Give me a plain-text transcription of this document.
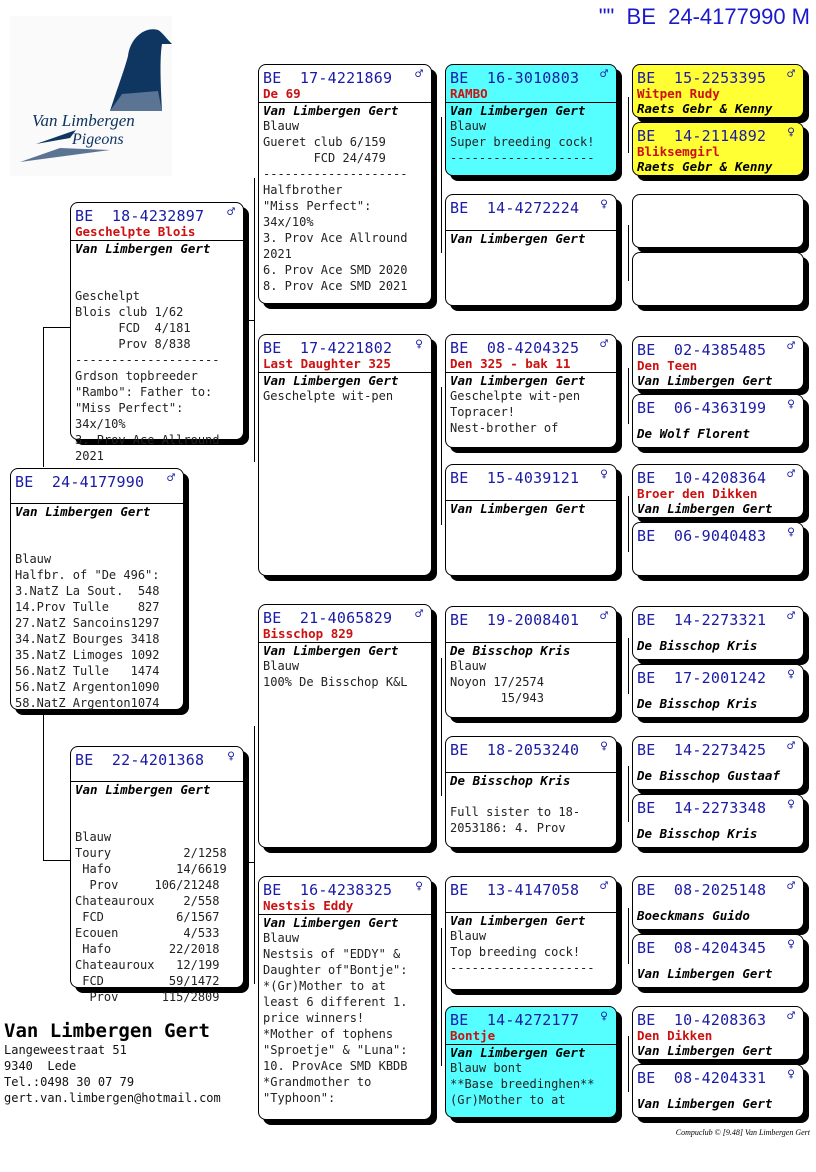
""  BE  24-4177990 M
Van Limbergen
Pigeons
BE  24-4177990 ♂
Van Limbergen Gert

Blauw
Halfbr. of "De 496":
3.NatZ La Sout.  548
14.Prov Tulle    827
27.NatZ Sancoins1297
34.NatZ Bourges 3418
35.NatZ Limoges 1092
56.NatZ Tulle   1474
56.NatZ Argenton1090
58.NatZ Argenton1074

BE  18-4232897 ♂
Geschelpte Blois
Van Limbergen Gert

Geschelpt
Blois club 1/62
FCD  4/181
Prov 8/838
--------------------
Grdson topbreeder
"Rambo": Father to:
"Miss Perfect":
34x/10%
3. Prov Ace Allround
2021

BE  22-4201368 ♀
Van Limbergen Gert

Blauw
Toury          2/1258
Hafo         14/6619
Prov     106/21248
Chateauroux    2/558
FCD          6/1567
Ecouen         4/533
Hafo        22/2018
Chateauroux   12/199
FCD         59/1472
Prov      115/2809

BE  17-4221869 ♂
De 69
Van Limbergen Gert
Blauw
Gueret club 6/159
FCD 24/479
--------------------
Halfbrother
"Miss Perfect":
34x/10%
3. Prov Ace Allround
2021
6. Prov Ace SMD 2020
8. Prov Ace SMD 2021
BE  17-4221802 ♀
Last Daughter 325
Van Limbergen Gert
Geschelpte wit-pen
BE  21-4065829 ♂
Bisschop 829
Van Limbergen Gert
Blauw
100% De Bisschop K&L
BE  16-4238325 ♀
Nestsis Eddy
Van Limbergen Gert
Blauw
Nestsis of "EDDY" &
Daughter of"Bontje":
*(Gr)Mother to at
least 6 different 1.
price winners!
*Mother of tophens
"Sproetje" & "Luna":
10. ProvAce SMD KBDB
*Grandmother to
"Typhoon":
BE  16-3010803 ♂
RAMBO
Van Limbergen Gert
Blauw
Super breeding cock!
--------------------
BE  14-4272224 ♀
Van Limbergen Gert
BE  08-4204325 ♂
Den 325 - bak 11
Van Limbergen Gert
Geschelpte wit-pen
Topracer!
Nest-brother of
BE  15-4039121 ♀
Van Limbergen Gert
BE  19-2008401 ♂
De Bisschop Kris
Blauw
Noyon 17/2574
15/943
BE  18-2053240 ♀
De Bisschop Kris

Full sister to 18-
2053186: 4. Prov
BE  13-4147058 ♂
Van Limbergen Gert
Blauw
Top breeding cock!
--------------------
BE  14-4272177 ♀
Bontje
Van Limbergen Gert
Blauw bont
**Base breedinghen**
(Gr)Mother to at
BE  15-2253395 ♂
Witpen Rudy
Raets Gebr & Kenny
BE  14-2114892 ♀
Bliksemgirl
Raets Gebr & Kenny
BE  02-4385485 ♂
Den Teen
Van Limbergen Gert
BE  06-4363199 ♀
De Wolf Florent
BE  10-4208364 ♂
Broer den Dikken
Van Limbergen Gert
BE  06-9040483 ♀
BE  14-2273321 ♂
De Bisschop Kris
BE  17-2001242 ♀
De Bisschop Kris
BE  14-2273425 ♂
De Bisschop Gustaaf
BE  14-2273348 ♀
De Bisschop Kris
BE  08-2025148 ♂
Boeckmans Guido
BE  08-4204345 ♀
Van Limbergen Gert
BE  10-4208363 ♂
Den Dikken
Van Limbergen Gert
BE  08-4204331 ♀
Van Limbergen Gert
Van Limbergen Gert
Langeweestraat 51
9340  Lede
Tel.:0498 30 07 79
gert.van.limbergen@hotmail.com
Compuclub © [9.48] Van Limbergen Gert
